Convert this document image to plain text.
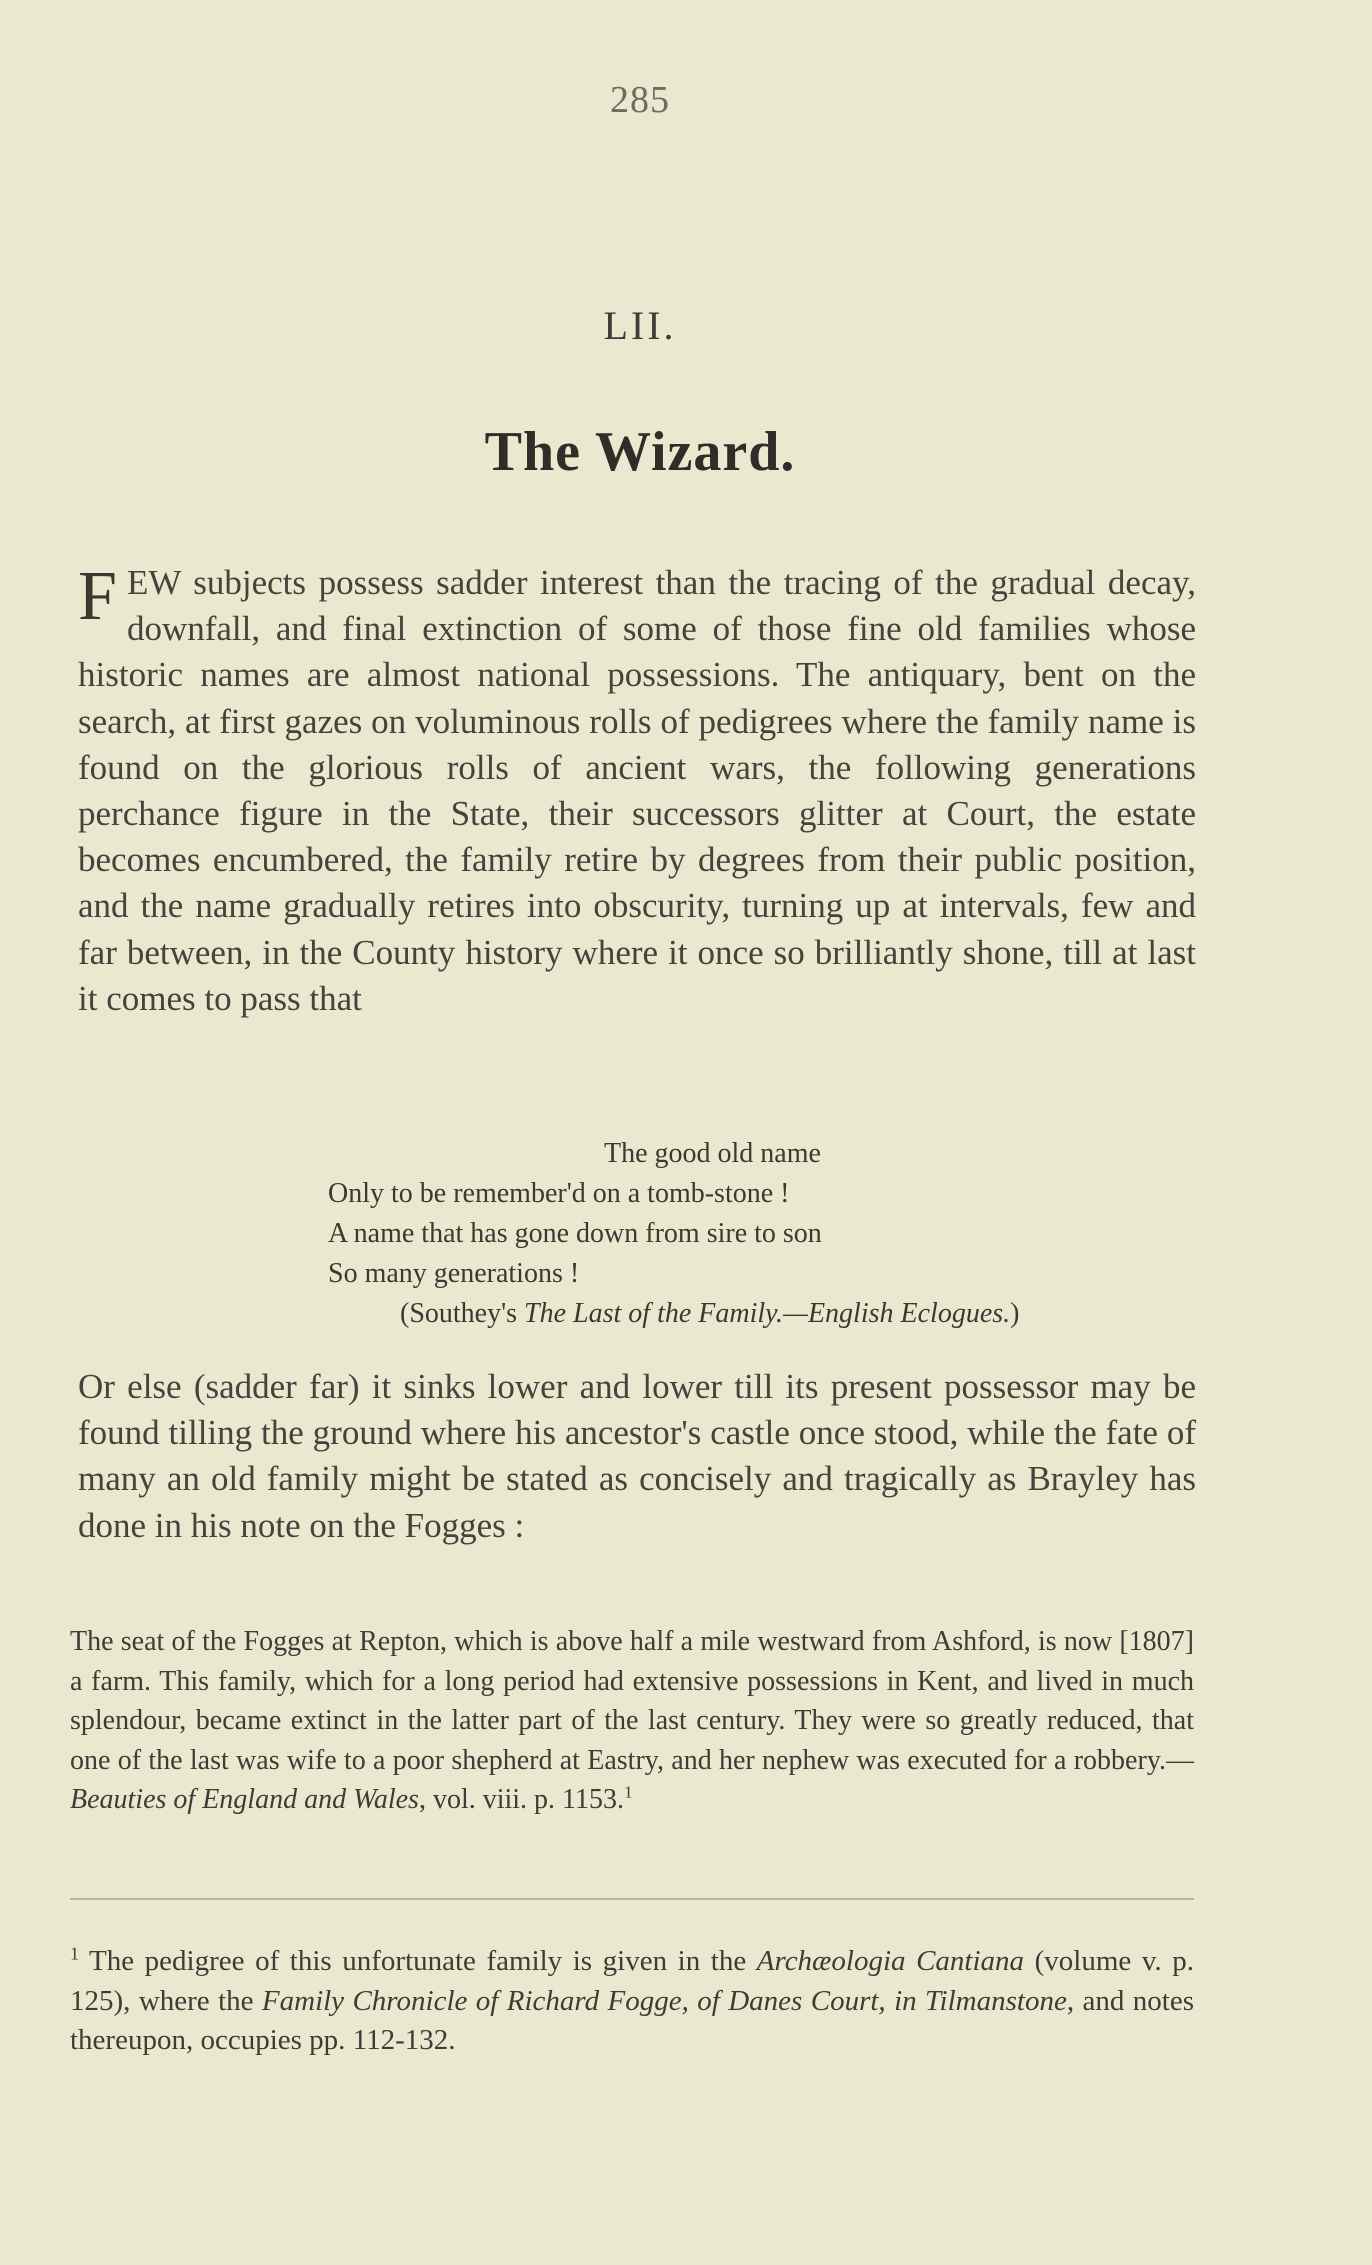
285
LII.
The Wizard.

FEW subjects possess sadder interest than the tracing of the gradual decay, downfall, and final extinction of some of those fine old families whose historic names are almost national possessions. The antiquary, bent on the search, at first gazes on voluminous rolls of pedigrees where the family name is found on the glorious rolls of ancient wars, the following generations perchance figure in the State, their successors glitter at Court, the estate becomes encumbered, the family retire by degrees from their public position, and the name gradually retires into obscurity, turning up at intervals, few and far between, in the County history where it once so brilliantly shone, till at last it comes to pass that

The good old name
Only to be remember'd on a tomb-stone !
A name that has gone down from sire to son
So many generations !
(Southey's The Last of the Family.—English Eclogues.)

Or else (sadder far) it sinks lower and lower till its present possessor may be found tilling the ground where his ancestor's castle once stood, while the fate of many an old family might be stated as concisely and tragically as Brayley has done in his note on the Fogges :

The seat of the Fogges at Repton, which is above half a mile westward from Ashford, is now [1807] a farm. This family, which for a long period had extensive possessions in Kent, and lived in much splendour, became extinct in the latter part of the last century. They were so greatly reduced, that one of the last was wife to a poor shepherd at Eastry, and her nephew was executed for a robbery.—Beauties of England and Wales, vol. viii. p. 1153.$^1$

$^1$ The pedigree of this unfortunate family is given in the Archæologia Cantiana (volume v. p. 125), where the Family Chronicle of Richard Fogge, of Danes Court, in Tilmanstone, and notes thereupon, occupies pp. 112-132.
